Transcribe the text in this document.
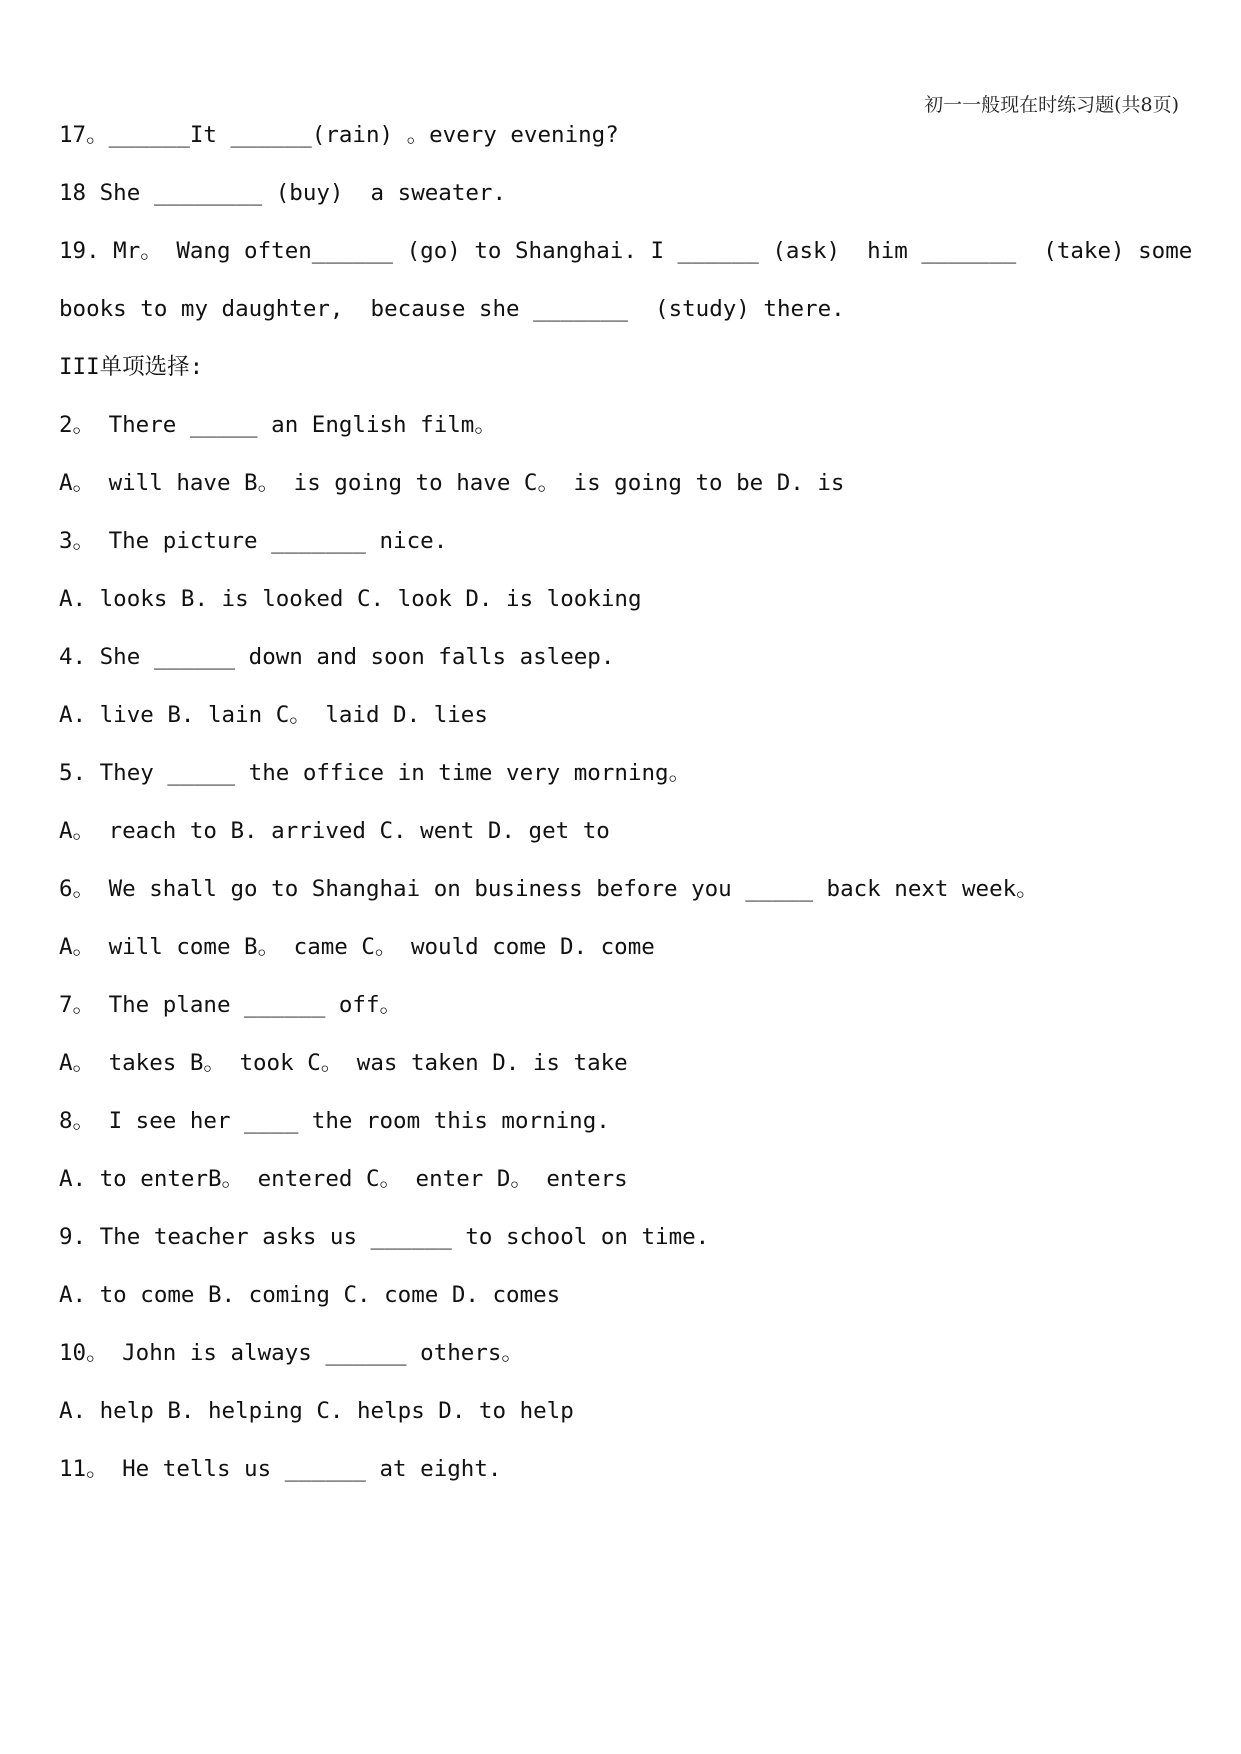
初一一般现在时练习题(共8页)
17。______It ______(rain) 。every evening?
18 She ________ (buy)  a sweater.
19. Mr。 Wang often______ (go) to Shanghai. I ______ (ask)  him _______  (take) some
books to my daughter,  because she _______  (study) there.
III单项选择:
2。 There _____ an English film。
A。 will have B。 is going to have C。 is going to be D. is
3。 The picture _______ nice.
A. looks B. is looked C. look D. is looking
4. She ______ down and soon falls asleep.
A. live B. lain C。 laid D. lies
5. They _____ the office in time very morning。
A。 reach to B. arrived C. went D. get to
6。 We shall go to Shanghai on business before you _____ back next week。
A。 will come B。 came C。 would come D. come
7。 The plane ______ off。
A。 takes B。 took C。 was taken D. is take
8。 I see her ____ the room this morning.
A. to enterB。 entered C。 enter D。 enters
9. The teacher asks us ______ to school on time.
A. to come B. coming C. come D. comes
10。 John is always ______ others。
A. help B. helping C. helps D. to help
11。 He tells us ______ at eight.
